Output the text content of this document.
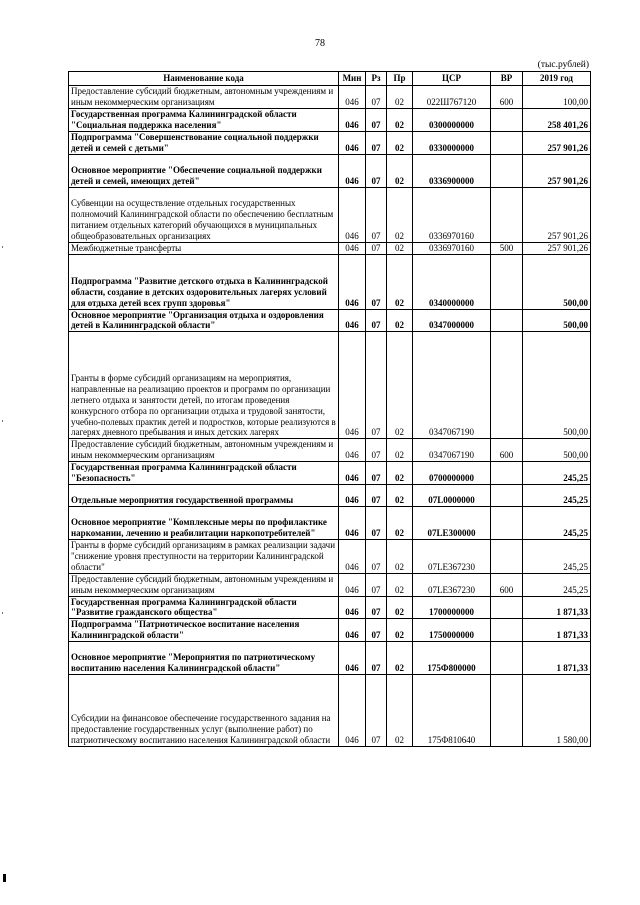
78
(тыс.рублей)
Наименование кода	Мин	Рз	Пр	ЦСР	ВР	2019 год
Предоставление субсидий бюджетным, автономным учреждениям и иным некоммерческим организациям	046	07	02	022Ш767120	600	100,00
Государственная программа Калининградской области "Социальная поддержка населения"	046	07	02	0300000000		258 401,26
Подпрограмма "Совершенствование социальной поддержки детей и семей с детьми"	046	07	02	0330000000		257 901,26
Основное мероприятие "Обеспечение социальной поддержки детей и семей, имеющих детей"	046	07	02	0336900000		257 901,26
Субвенции на осуществление отдельных государственных полномочий Калининградской области по обеспечению бесплатным питанием отдельных категорий обучающихся в муниципальных общеобразовательных организациях	046	07	02	0336970160		257 901,26
Межбюджетные трансферты	046	07	02	0336970160	500	257 901,26
Подпрограмма "Развитие детского отдыха в Калининградской области, создание в детских оздоровительных лагерях условий для отдыха детей всех групп здоровья"	046	07	02	0340000000		500,00
Основное мероприятие "Организация отдыха и оздоровления детей в Калининградской области"	046	07	02	0347000000		500,00
Гранты в форме субсидий организациям на мероприятия, направленные на реализацию проектов и программ по организации летнего отдыха и занятости детей, по итогам проведения конкурсного отбора по организации отдыха и трудовой занятости, учебно-полевых практик детей и подростков, которые реализуются в лагерях дневного пребывания и иных детских лагерях	046	07	02	0347067190		500,00
Предоставление субсидий бюджетным, автономным учреждениям и иным некоммерческим организациям	046	07	02	0347067190	600	500,00
Государственная программа Калининградской области "Безопасность"	046	07	02	0700000000		245,25
Отдельные мероприятия государственной программы	046	07	02	07L0000000		245,25
Основное мероприятие "Комплексные меры по профилактике наркомании, лечению и реабилитации наркопотребителей"	046	07	02	07LE300000		245,25
Гранты в форме субсидий организациям в рамках реализации задачи "снижение уровня преступности на территории Калининградской области"	046	07	02	07LE367230		245,25
Предоставление субсидий бюджетным, автономным учреждениям и иным некоммерческим организациям	046	07	02	07LE367230	600	245,25
Государственная программа Калининградской области "Развитие гражданского общества"	046	07	02	1700000000		1 871,33
Подпрограмма "Патриотическое воспитание населения Калининградской области"	046	07	02	1750000000		1 871,33
Основное мероприятие "Мероприятия по патриотическому воспитанию населения Калининградской области"	046	07	02	175Ф800000		1 871,33
Субсидии на финансовое обеспечение государственного задания на предоставление государственных услуг (выполнение работ) по патриотическому воспитанию населения Калининградской области	046	07	02	175Ф810640		1 580,00
